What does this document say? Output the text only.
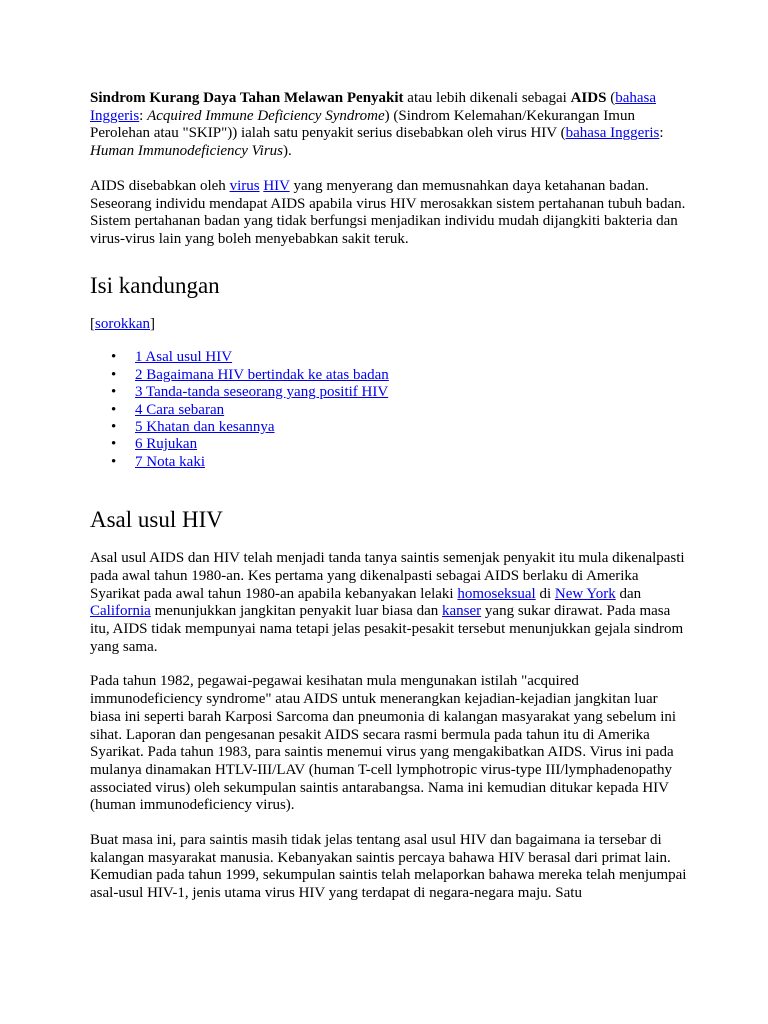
Sindrom Kurang Daya Tahan Melawan Penyakit atau lebih dikenali sebagai AIDS (bahasa Inggeris: Acquired Immune Deficiency Syndrome) (Sindrom Kelemahan/Kekurangan Imun Perolehan atau "SKIP")) ialah satu penyakit serius disebabkan oleh virus HIV (bahasa Inggeris: Human Immunodeficiency Virus).

AIDS disebabkan oleh virus HIV yang menyerang dan memusnahkan daya ketahanan badan. Seseorang individu mendapat AIDS apabila virus HIV merosakkan sistem pertahanan tubuh badan. Sistem pertahanan badan yang tidak berfungsi menjadikan individu mudah dijangkiti bakteria dan virus-virus lain yang boleh menyebabkan sakit teruk.

Isi kandungan

[sorokkan]

• 1 Asal usul HIV
• 2 Bagaimana HIV bertindak ke atas badan
• 3 Tanda-tanda seseorang yang positif HIV
• 4 Cara sebaran
• 5 Khatan dan kesannya
• 6 Rujukan
• 7 Nota kaki
Asal usul HIV

Asal usul AIDS dan HIV telah menjadi tanda tanya saintis semenjak penyakit itu mula dikenalpasti pada awal tahun 1980-an. Kes pertama yang dikenalpasti sebagai AIDS berlaku di Amerika Syarikat pada awal tahun 1980-an apabila kebanyakan lelaki homoseksual di New York dan California menunjukkan jangkitan penyakit luar biasa dan kanser yang sukar dirawat. Pada masa itu, AIDS tidak mempunyai nama tetapi jelas pesakit-pesakit tersebut menunjukkan gejala sindrom yang sama.

Pada tahun 1982, pegawai-pegawai kesihatan mula mengunakan istilah "acquired immunodeficiency syndrome" atau AIDS untuk menerangkan kejadian-kejadian jangkitan luar biasa ini seperti barah Karposi Sarcoma dan pneumonia di kalangan masyarakat yang sebelum ini sihat. Laporan dan pengesanan pesakit AIDS secara rasmi bermula pada tahun itu di Amerika Syarikat. Pada tahun 1983, para saintis menemui virus yang mengakibatkan AIDS. Virus ini pada mulanya dinamakan HTLV-III/LAV (human T-cell lymphotropic virus-type III/lymphadenopathy associated virus) oleh sekumpulan saintis antarabangsa. Nama ini kemudian ditukar kepada HIV (human immunodeficiency virus).

Buat masa ini, para saintis masih tidak jelas tentang asal usul HIV dan bagaimana ia tersebar di kalangan masyarakat manusia. Kebanyakan saintis percaya bahawa HIV berasal dari primat lain. Kemudian pada tahun 1999, sekumpulan saintis telah melaporkan bahawa mereka telah menjumpai asal-usul HIV-1, jenis utama virus HIV yang terdapat di negara-negara maju. Satu
